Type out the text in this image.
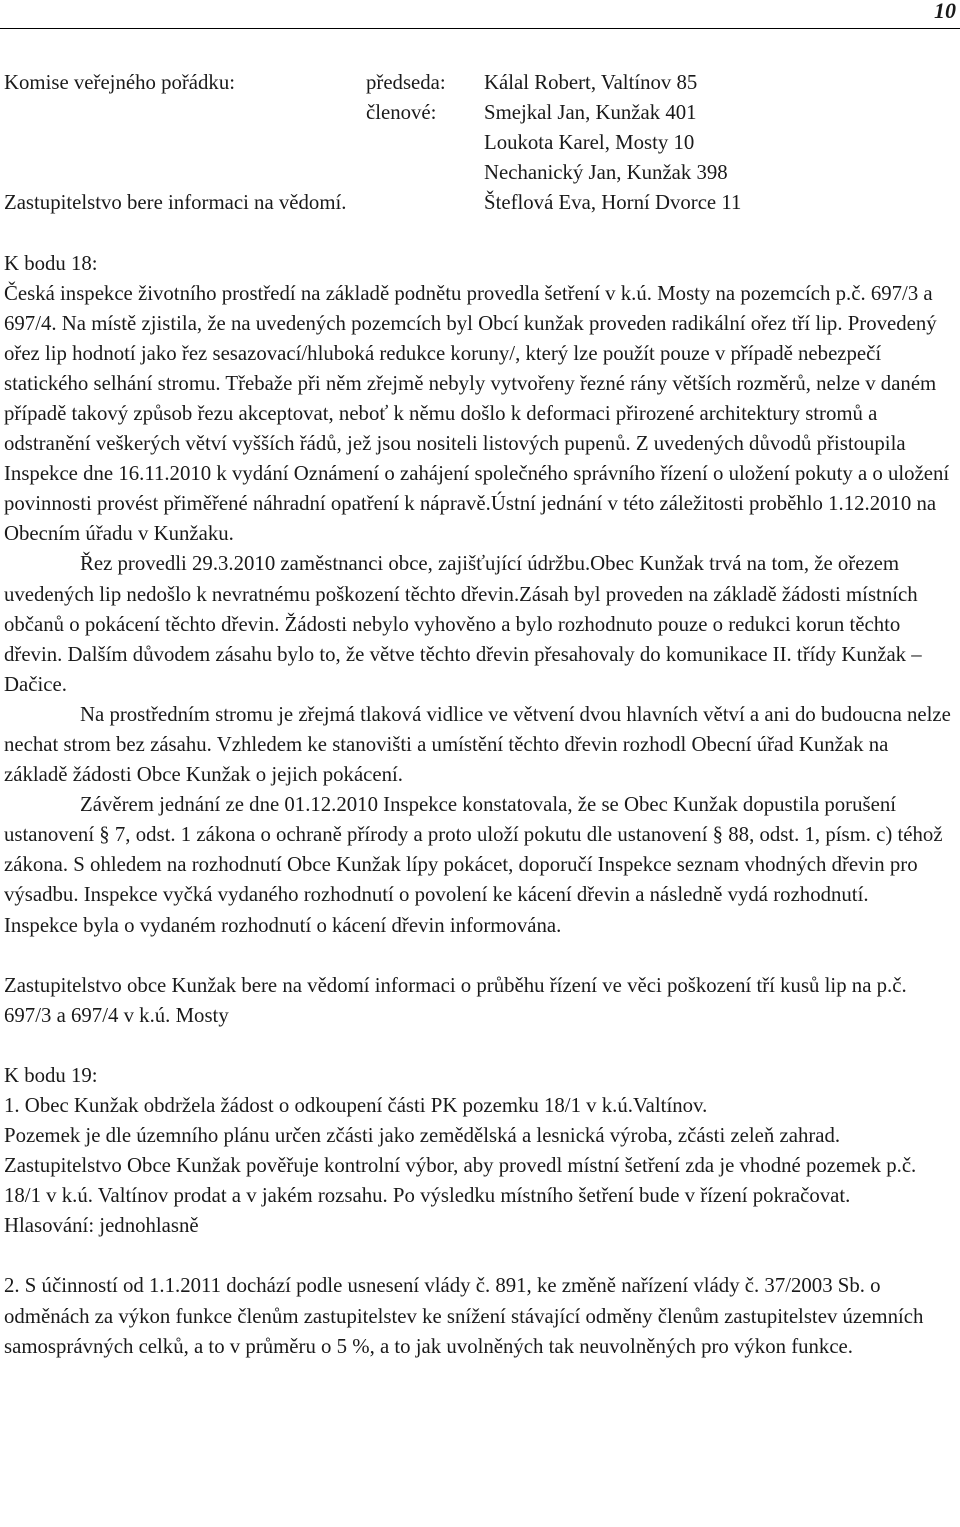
10
Komise veřejného pořádku:	předseda:
členové:
Kálal Robert, Valtínov 85
Smejkal Jan, Kunžak 401
Loukota Karel, Mosty 10
Nechanický Jan, Kunžak 398
Šteflová Eva, Horní Dvorce 11

Zastupitelstvo bere informaci na vědomí.

K bodu 18:

Česká inspekce životního prostředí na základě podnětu provedla šetření v k.ú. Mosty na pozemcích p.č. 697/3 a 697/4. Na místě zjistila, že na uvedených pozemcích byl Obcí kunžak proveden radikální ořez tří lip. Provedený ořez lip hodnotí jako řez sesazovací/hluboká redukce koruny/, který lze použít pouze v případě nebezpečí statického selhání stromu. Třebaže při něm zřejmě nebyly vytvořeny řezné rány větších rozměrů, nelze v daném případě takový způsob řezu akceptovat, neboť k němu došlo k deformaci přirozené architektury stromů a odstranění veškerých větví vyšších řádů, jež jsou nositeli listových pupenů. Z uvedených důvodů přistoupila Inspekce dne 16.11.2010 k vydání Oznámení o zahájení společného správního řízení o uložení pokuty a o uložení povinnosti provést přiměřené náhradní opatření k nápravě.Ústní jednání v této záležitosti proběhlo 1.12.2010 na Obecním úřadu v Kunžaku.

Řez provedli 29.3.2010 zaměstnanci obce, zajišťující údržbu.Obec Kunžak trvá na tom, že ořezem uvedených lip nedošlo k nevratnému poškození těchto dřevin.Zásah byl proveden na základě žádosti místních občanů o pokácení těchto dřevin. Žádosti nebylo vyhověno a bylo rozhodnuto pouze o redukci korun těchto dřevin. Dalším důvodem zásahu bylo to, že větve těchto dřevin přesahovaly do komunikace II. třídy Kunžak – Dačice.

Na prostředním stromu je zřejmá tlaková vidlice ve větvení dvou hlavních větví a ani do budoucna nelze nechat strom bez zásahu. Vzhledem ke stanovišti a umístění těchto dřevin rozhodl Obecní úřad Kunžak na základě žádosti Obce Kunžak o jejich pokácení.

Závěrem jednání ze dne 01.12.2010 Inspekce konstatovala, že se Obec Kunžak dopustila porušení ustanovení § 7, odst. 1 zákona o ochraně přírody a proto uloží pokutu dle ustanovení § 88, odst. 1, písm. c) téhož zákona. S ohledem na rozhodnutí Obce Kunžak lípy pokácet, doporučí Inspekce seznam vhodných dřevin pro výsadbu. Inspekce vyčká vydaného rozhodnutí o povolení ke kácení dřevin a následně vydá rozhodnutí.

Inspekce byla o vydaném rozhodnutí o kácení dřevin informována.

Zastupitelstvo obce Kunžak bere na vědomí informaci o průběhu řízení ve věci poškození tří kusů lip na p.č. 697/3 a 697/4 v k.ú. Mosty

K bodu 19:

1. Obec Kunžak obdržela žádost o odkoupení části PK pozemku 18/1 v k.ú.Valtínov.

Pozemek je dle územního plánu určen zčásti jako zemědělská a lesnická výroba, zčásti zeleň zahrad.

Zastupitelstvo Obce Kunžak pověřuje kontrolní výbor, aby provedl místní šetření zda je vhodné pozemek p.č. 18/1 v k.ú. Valtínov prodat a v jakém rozsahu. Po výsledku místního šetření bude v řízení pokračovat.

Hlasování: jednohlasně

2. S účinností od 1.1.2011 dochází podle usnesení vlády č. 891, ke změně nařízení vlády č. 37/2003 Sb. o odměnách za výkon funkce členům zastupitelstev ke snížení stávající odměny členům zastupitelstev územních samosprávných celků, a to v průměru o 5 %, a to jak uvolněných tak neuvolněných pro výkon funkce.
